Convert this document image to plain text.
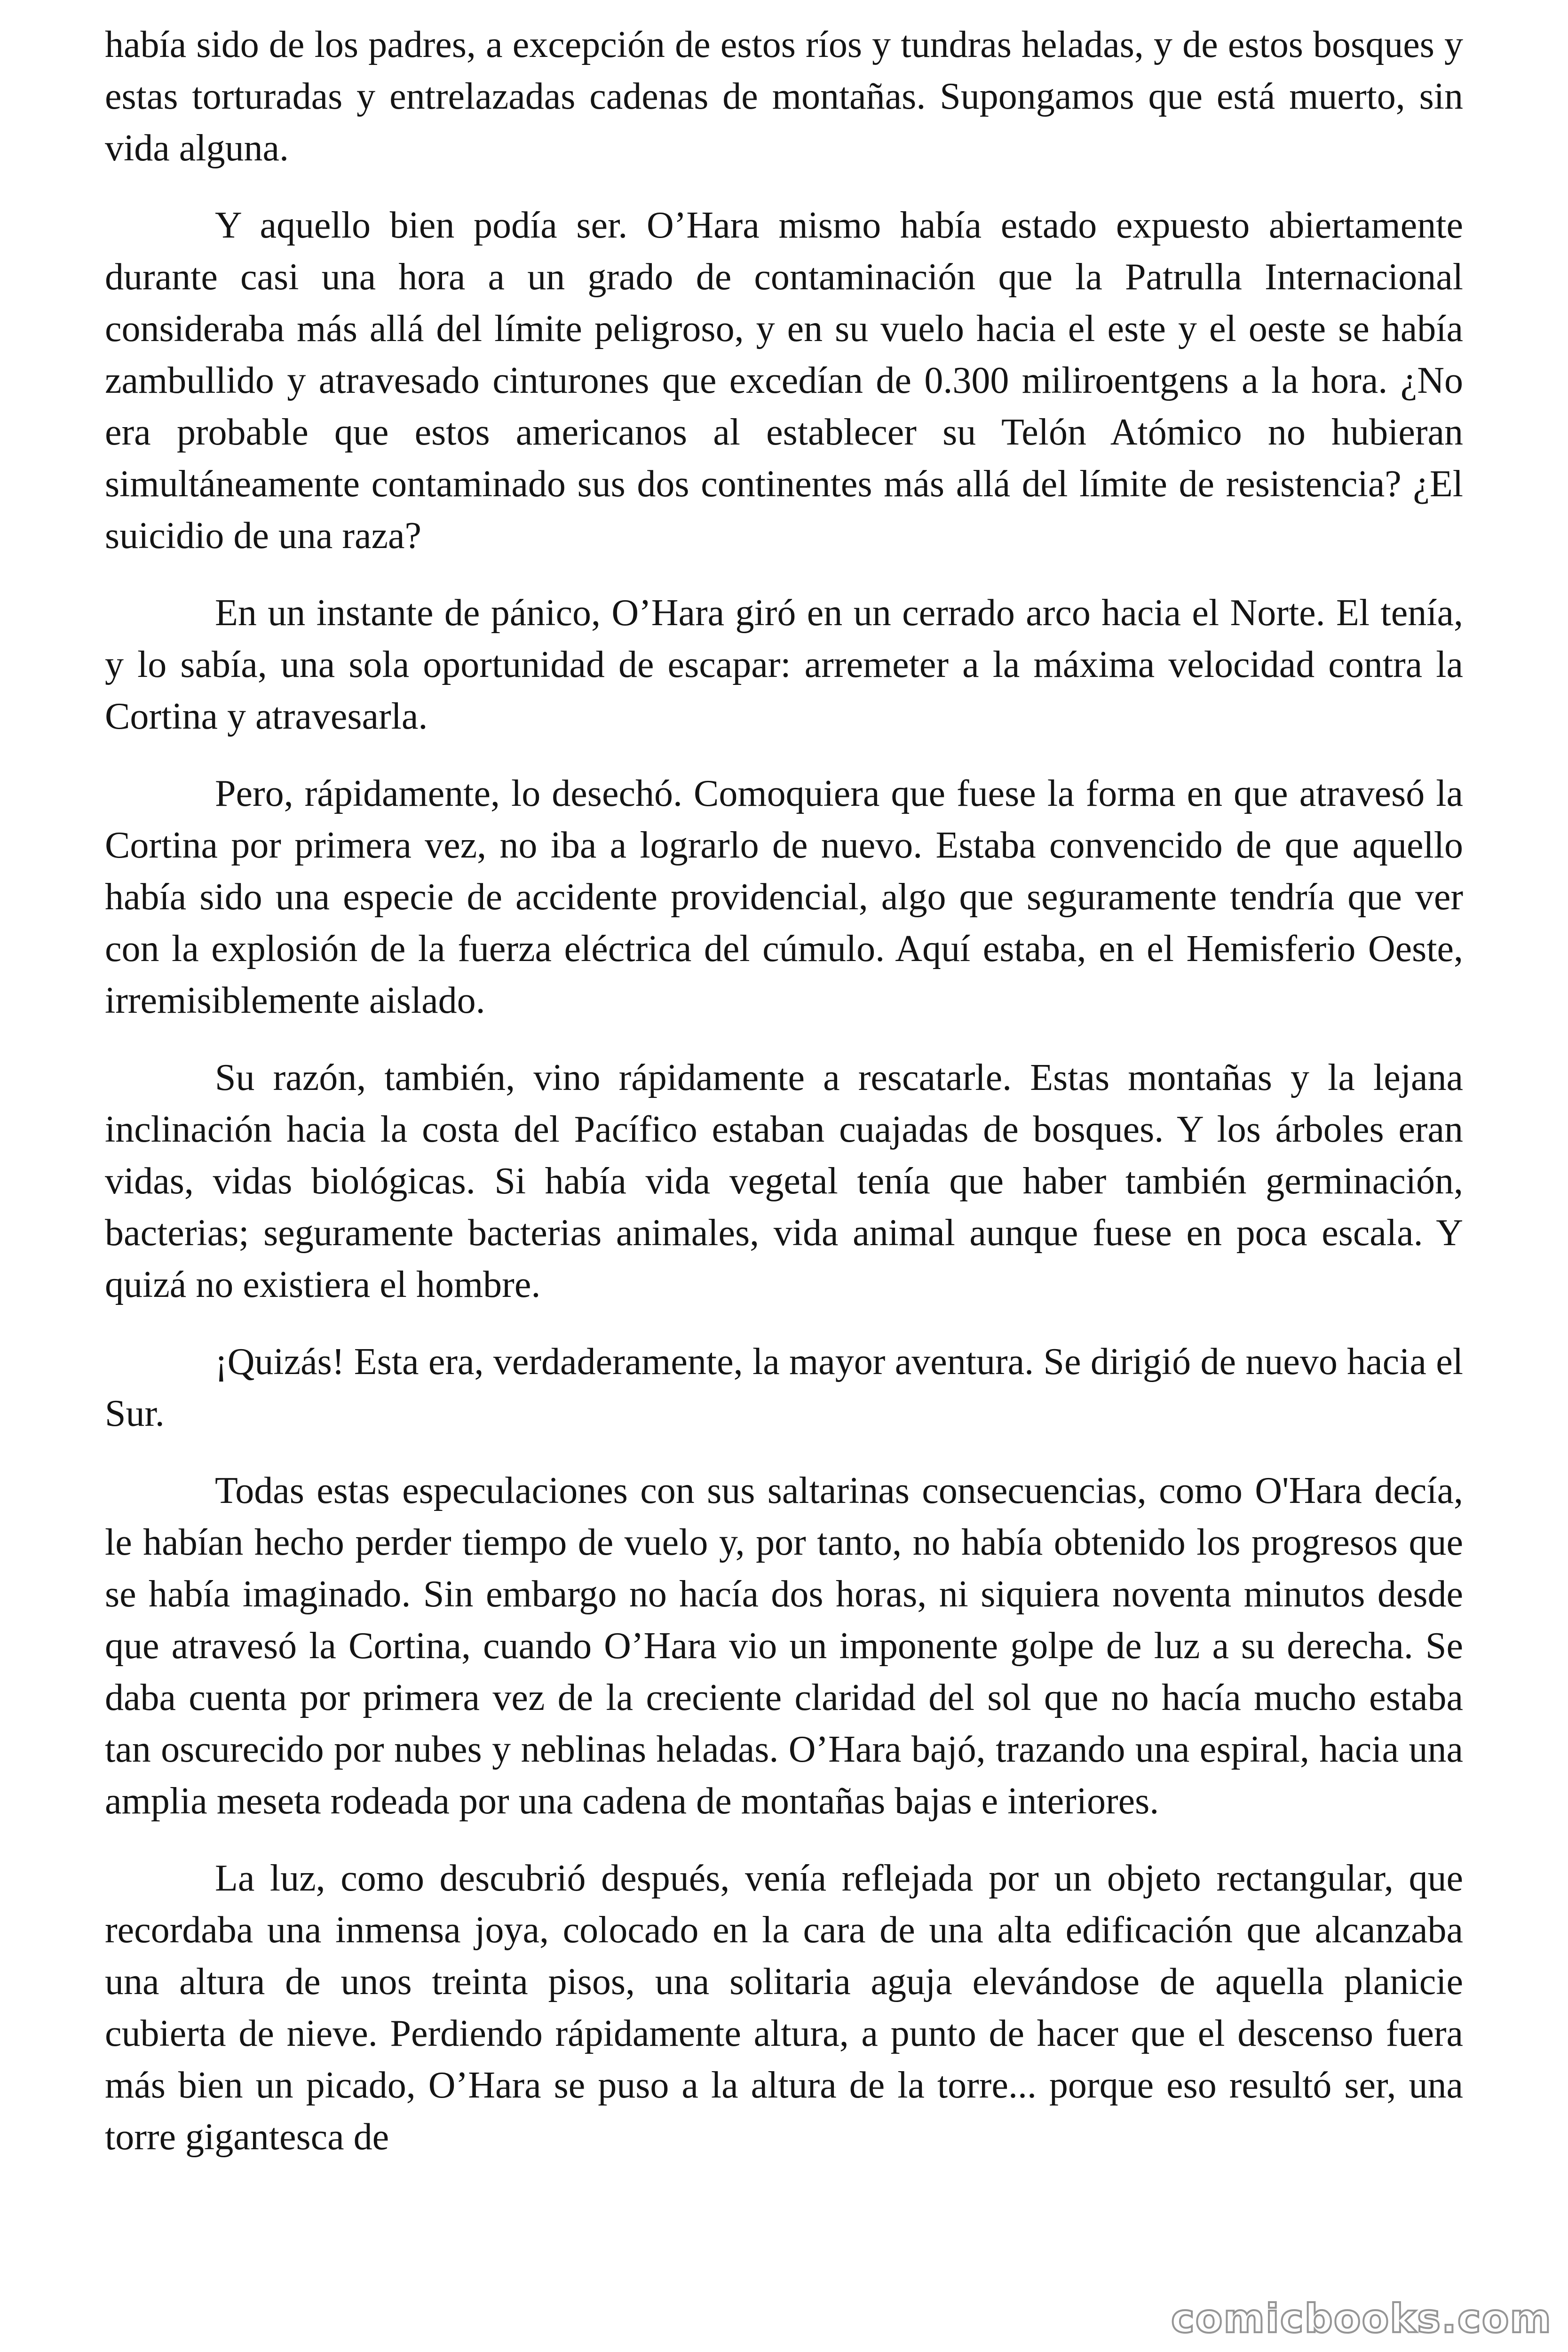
había sido de los padres, a excepción de estos ríos y tundras heladas, y de estos bosques y estas torturadas y entrelazadas cadenas de montañas. Supongamos que está muerto, sin vida alguna.

Y aquello bien podía ser. O’Hara mismo había estado expuesto abiertamente durante casi una hora a un grado de contaminación que la Patrulla Internacional consideraba más allá del límite peligroso, y en su vuelo hacia el este y el oeste se había zambullido y atravesado cinturones que excedían de 0.300 miliroentgens a la hora. ¿No era probable que estos americanos al establecer su Telón Atómico no hubieran simultáneamente contaminado sus dos continentes más allá del límite de resistencia? ¿El suicidio de una raza?

En un instante de pánico, O’Hara giró en un cerrado arco hacia el Norte. El tenía, y lo sabía, una sola oportunidad de escapar: arremeter a la máxima velocidad contra la Cortina y atravesarla.

Pero, rápidamente, lo desechó. Comoquiera que fuese la forma en que atravesó la Cortina por primera vez, no iba a lograrlo de nuevo. Estaba convencido de que aquello había sido una especie de accidente providencial, algo que seguramente tendría que ver con la explosión de la fuerza eléctrica del cúmulo. Aquí estaba, en el Hemisferio Oeste, irremisiblemente aislado.

Su razón, también, vino rápidamente a rescatarle. Estas montañas y la lejana inclinación hacia la costa del Pacífico estaban cuajadas de bosques. Y los árboles eran vidas, vidas biológicas. Si había vida vegetal tenía que haber también germinación, bacterias; seguramente bacterias animales, vida animal aunque fuese en poca escala. Y quizá no existiera el hombre.

¡Quizás! Esta era, verdaderamente, la mayor aventura. Se dirigió de nuevo hacia el Sur.

Todas estas especulaciones con sus saltarinas consecuencias, como O'Hara decía, le habían hecho perder tiempo de vuelo y, por tanto, no había obtenido los progresos que se había imaginado. Sin embargo no hacía dos horas, ni siquiera noventa minutos desde que atravesó la Cortina, cuando O’Hara vio un imponente golpe de luz a su derecha. Se daba cuenta por primera vez de la creciente claridad del sol que no hacía mucho estaba tan oscurecido por nubes y neblinas heladas. O’Hara bajó, trazando una espiral, hacia una amplia meseta rodeada por una cadena de montañas bajas e interiores.

La luz, como descubrió después, venía reflejada por un objeto rectangular, que recordaba una inmensa joya, colocado en la cara de una alta edificación que alcanzaba una altura de unos treinta pisos, una solitaria aguja elevándose de aquella planicie cubierta de nieve. Perdiendo rápidamente altura, a punto de hacer que el descenso fuera más bien un picado, O’Hara se puso a la altura de la torre... porque eso resultó ser, una torre gigantesca de

comicbooks.com
